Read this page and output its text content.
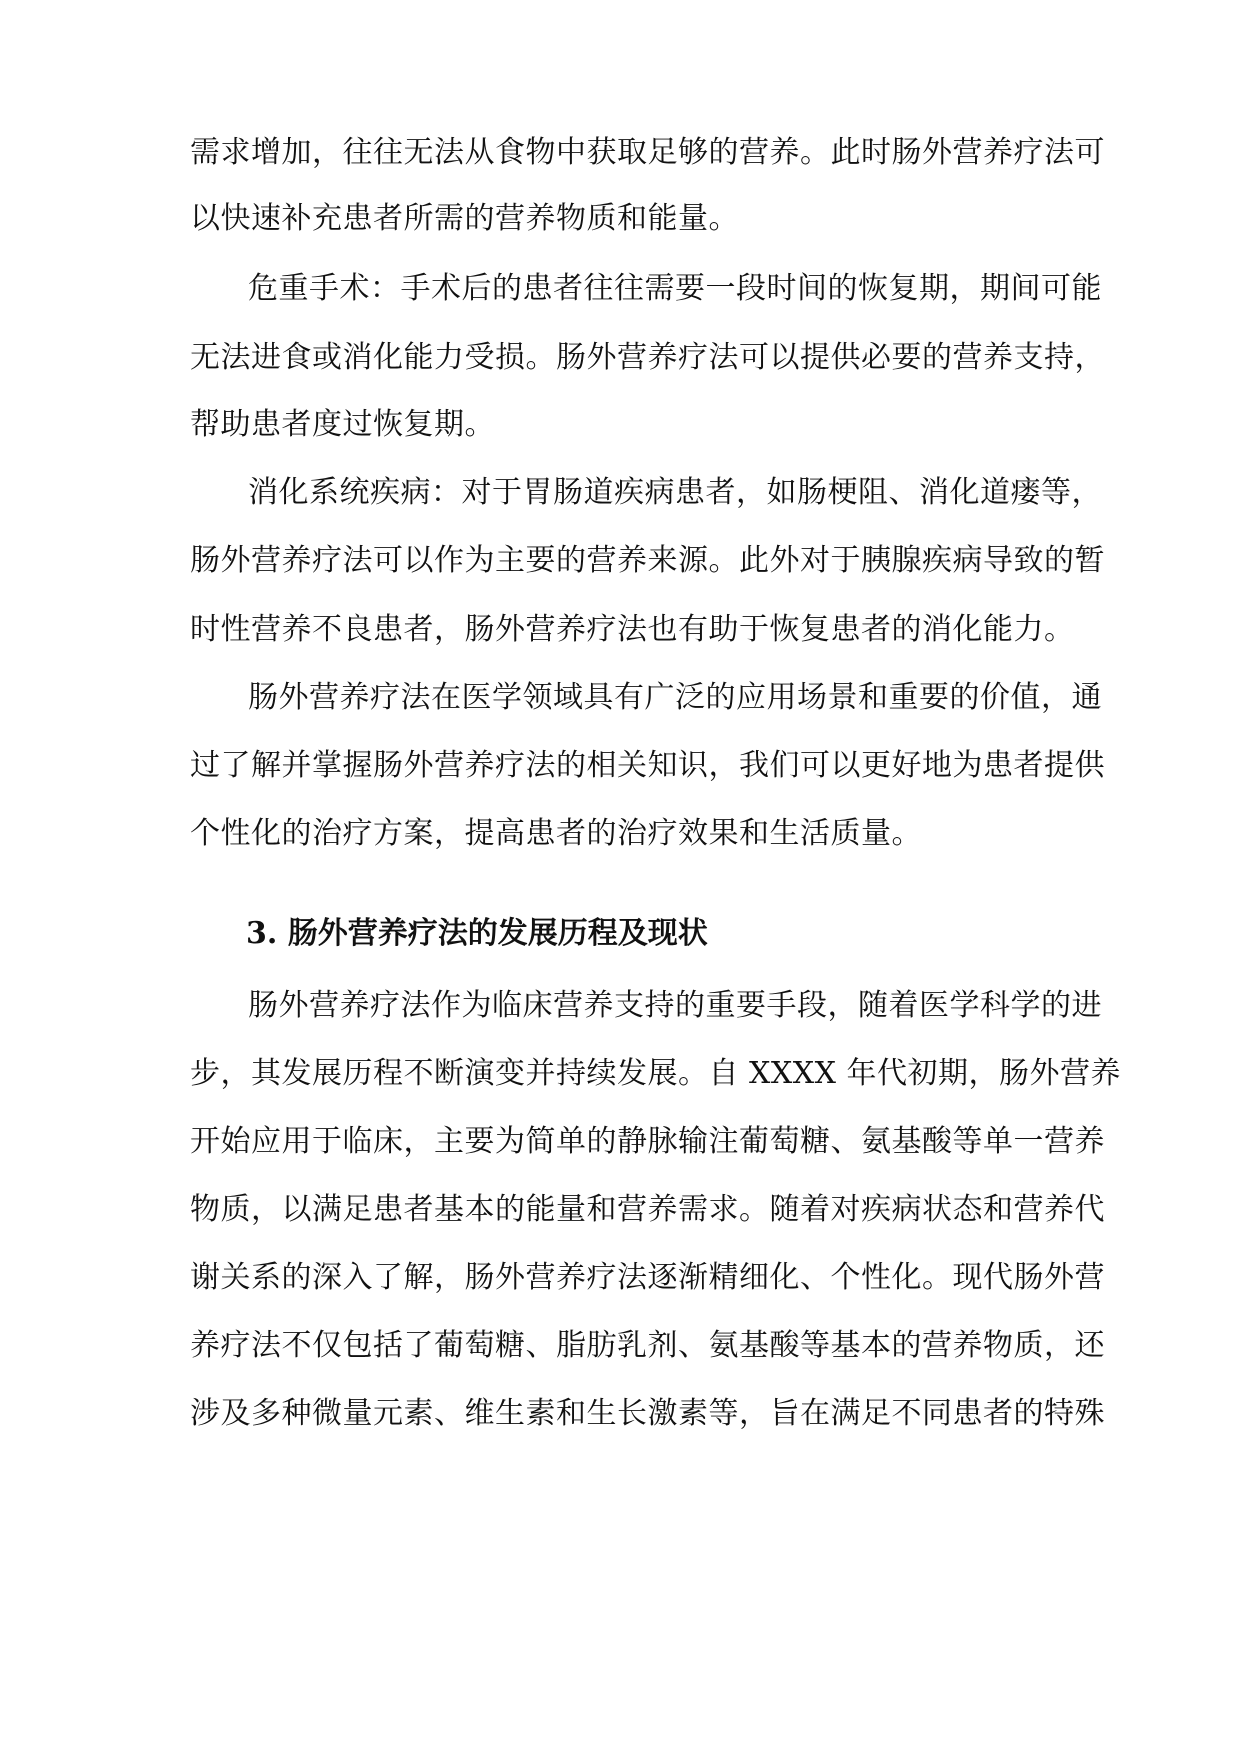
需求增加，往往无法从食物中获取足够的营养。此时肠外营养疗法可
以快速补充患者所需的营养物质和能量。
危重手术：手术后的患者往往需要一段时间的恢复期，期间可能
无法进食或消化能力受损。肠外营养疗法可以提供必要的营养支持，
帮助患者度过恢复期。
消化系统疾病：对于胃肠道疾病患者，如肠梗阻、消化道瘘等，
肠外营养疗法可以作为主要的营养来源。此外对于胰腺疾病导致的暂
时性营养不良患者，肠外营养疗法也有助于恢复患者的消化能力。
肠外营养疗法在医学领域具有广泛的应用场景和重要的价值，通
过了解并掌握肠外营养疗法的相关知识，我们可以更好地为患者提供
个性化的治疗方案，提高患者的治疗效果和生活质量。
3. 肠外营养疗法的发展历程及现状
肠外营养疗法作为临床营养支持的重要手段，随着医学科学的进
步，其发展历程不断演变并持续发展。自 XXXX 年代初期，肠外营养
开始应用于临床，主要为简单的静脉输注葡萄糖、氨基酸等单一营养
物质，以满足患者基本的能量和营养需求。随着对疾病状态和营养代
谢关系的深入了解，肠外营养疗法逐渐精细化、个性化。现代肠外营
养疗法不仅包括了葡萄糖、脂肪乳剂、氨基酸等基本的营养物质，还
涉及多种微量元素、维生素和生长激素等，旨在满足不同患者的特殊
